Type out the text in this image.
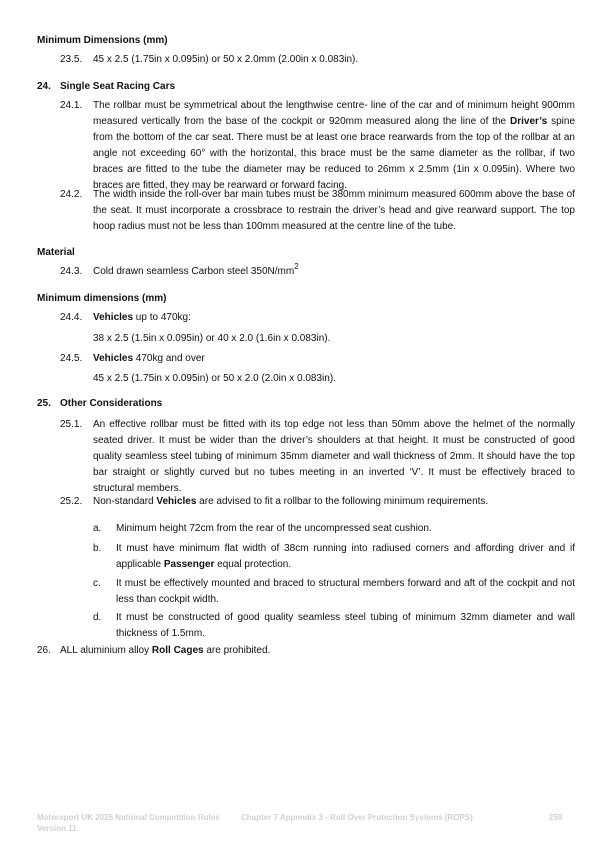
Minimum Dimensions (mm)
23.5. 45 x 2.5 (1.75in x 0.095in) or 50 x 2.0mm (2.00in x 0.083in).
24. Single Seat Racing Cars
24.1. The rollbar must be symmetrical about the lengthwise centre- line of the car and of minimum height 900mm measured vertically from the base of the cockpit or 920mm measured along the line of the Driver’s spine from the bottom of the car seat. There must be at least one brace rearwards from the top of the rollbar at an angle not exceeding 60° with the horizontal, this brace must be the same diameter as the rollbar, if two braces are fitted to the tube the diameter may be reduced to 26mm x 2.5mm (1in x 0.095in). Where two braces are fitted, they may be rearward or forward facing.
24.2. The width inside the roll-over bar main tubes must be 380mm minimum measured 600mm above the base of the seat. It must incorporate a crossbrace to restrain the driver’s head and give rearward support. The top hoop radius must not be less than 100mm measured at the centre line of the tube.
Material
24.3. Cold drawn seamless Carbon steel $350N/mm^2$
Minimum dimensions (mm)
24.4. Vehicles up to 470kg:
38 x 2.5 (1.5in x 0.095in) or 40 x 2.0 (1.6in x 0.083in).
24.5. Vehicles 470kg and over
45 x 2.5 (1.75in x 0.095in) or 50 x 2.0 (2.0in x 0.083in).
25. Other Considerations
25.1. An effective rollbar must be fitted with its top edge not less than 50mm above the helmet of the normally seated driver. It must be wider than the driver’s shoulders at that height. It must be constructed of good quality seamless steel tubing of minimum 35mm diameter and wall thickness of 2mm. It should have the top bar straight or slightly curved but no tubes meeting in an inverted ‘V’. It must be effectively braced to structural members.
25.2. Non-standard Vehicles are advised to fit a rollbar to the following minimum requirements.
a. Minimum height 72cm from the rear of the uncompressed seat cushion.
b. It must have minimum flat width of 38cm running into radiused corners and affording driver and if applicable Passenger equal protection.
c. It must be effectively mounted and braced to structural members forward and aft of the cockpit and not less than cockpit width.
d. It must be constructed of good quality seamless steel tubing of minimum 32mm diameter and wall thickness of 1.5mm.
26. ALL aluminium alloy Roll Cages are prohibited.
Motorsport UK 2025 National Competition Rules
Version 11
Chapter 7 Appendix 3 - Roll Over Protection Systems (ROPS)	259
